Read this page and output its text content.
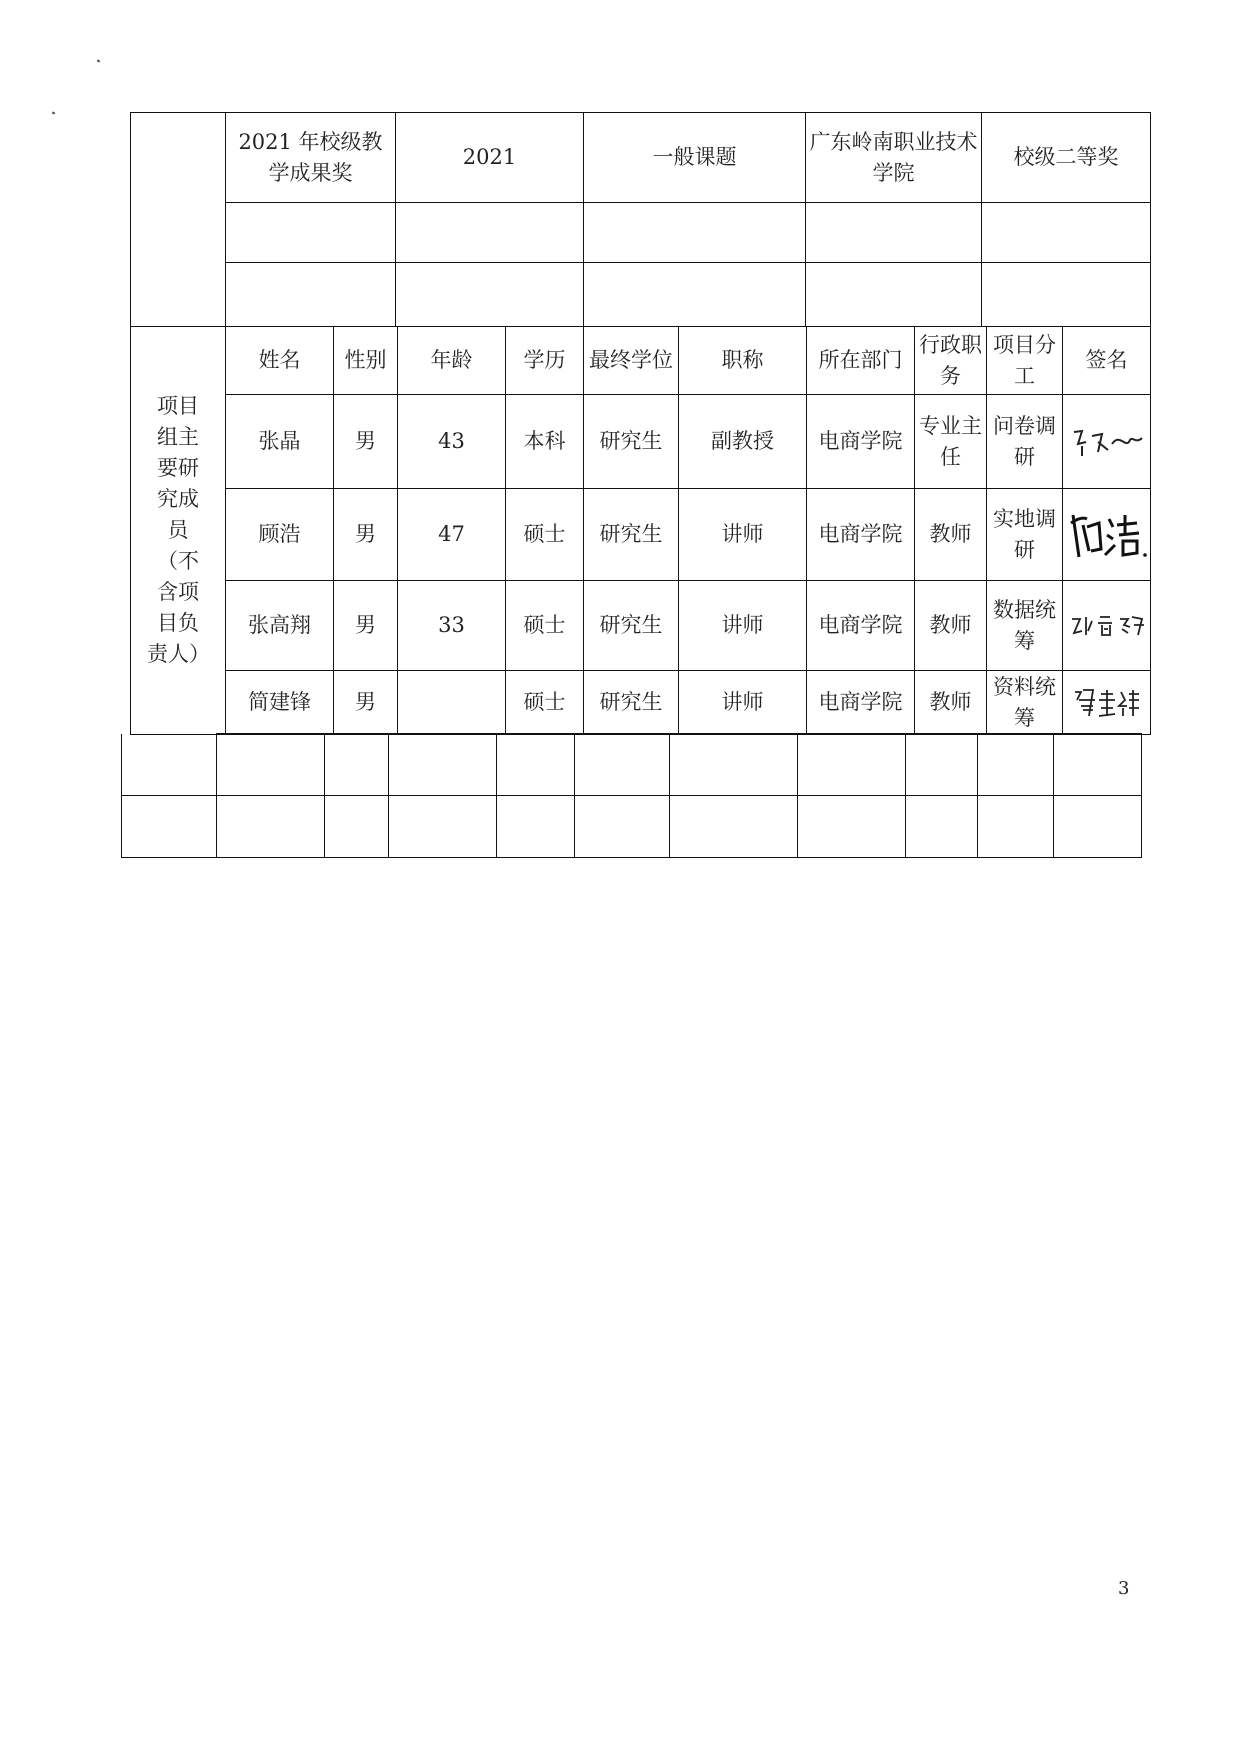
	2021 年校级教学成果奖	2021	一般课题	广东岭南职业技术学院	校级二等奖

项目组主要研究成员（不含项目负责人）	姓名	性别	年龄	学历	最终学位	职称	所在部门	行政职务	项目分工	签名
	张晶	男	43	本科	研究生	副教授	电商学院	专业主任	问卷调研	

	顾浩	男	47	硕士	研究生	讲师	电商学院	教师	实地调研	

	张高翔	男	33	硕士	研究生	讲师	电商学院	教师	数据统筹	

	简建锋	男		硕士	研究生	讲师	电商学院	教师	资料统筹	

3
